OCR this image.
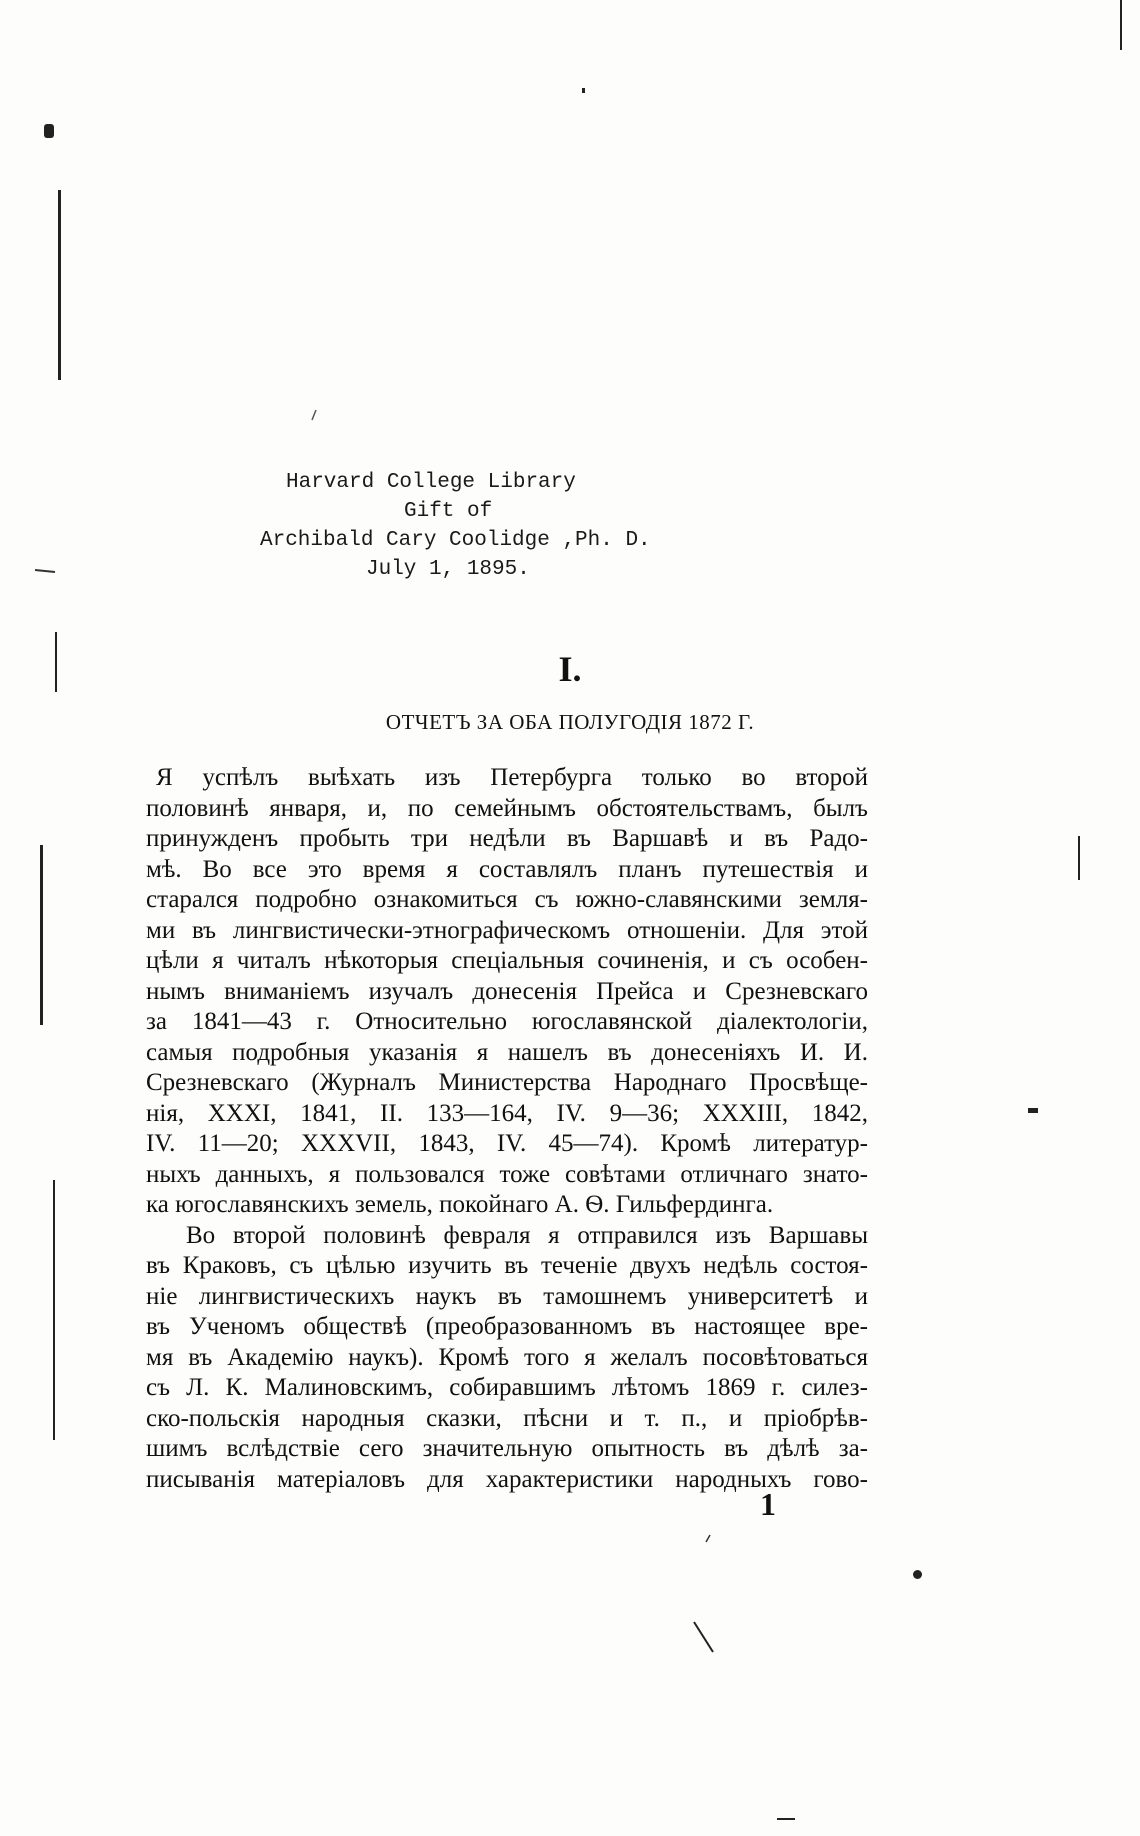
Harvard College Library
Gift of
Archibald Cary Coolidge ,Ph. D.
July 1, 1895.
I.
ОТЧЕТЪ ЗА ОБА ПОЛУГОДІЯ 1872 Г.

Я успѣлъ выѣхать изъ Петербурга только во второй

половинѣ января, и, по семейнымъ обстоятельствамъ, былъ

принужденъ пробыть три недѣли въ Варшавѣ и въ Радо-

мѣ. Во все это время я составлялъ планъ путешествія и

старался подробно ознакомиться съ южно-славянскими земля-

ми въ лингвистически-этнографическомъ отношеніи. Для этой

цѣли я читалъ нѣкоторыя спеціальныя сочиненія, и съ особен-

нымъ вниманіемъ изучалъ донесенія Прейса и Срезневскаго

за 1841—43 г. Относительно югославянской діалектологіи,

самыя подробныя указанія я нашелъ въ донесеніяхъ И. И.

Срезневскаго (Журналъ Министерства Народнаго Просвѣще-

нія, XXXI, 1841, II. 133—164, IV. 9—36; XXXIII, 1842,

IV. 11—20; XXXVII, 1843, IV. 45—74). Кромѣ литератур-

ныхъ данныхъ, я пользовался тоже совѣтами отличнаго знато-

ка югославянскихъ земель, покойнаго А. Ѳ. Гильфердинга.

Во второй половинѣ февраля я отправился изъ Варшавы

въ Краковъ, съ цѣлью изучить въ теченіе двухъ недѣль состоя-

ніе лингвистическихъ наукъ въ тамошнемъ университетѣ и

въ Ученомъ обществѣ (преобразованномъ въ настоящее вре-

мя въ Академію наукъ). Кромѣ того я желалъ посовѣтоваться

съ Л. К. Малиновскимъ, собиравшимъ лѣтомъ 1869 г. силез-

ско-польскія народныя сказки, пѣсни и т. п., и пріобрѣв-

шимъ вслѣдствіе сего значительную опытность въ дѣлѣ за-

писыванія матеріаловъ для характеристики народныхъ гово-

1
